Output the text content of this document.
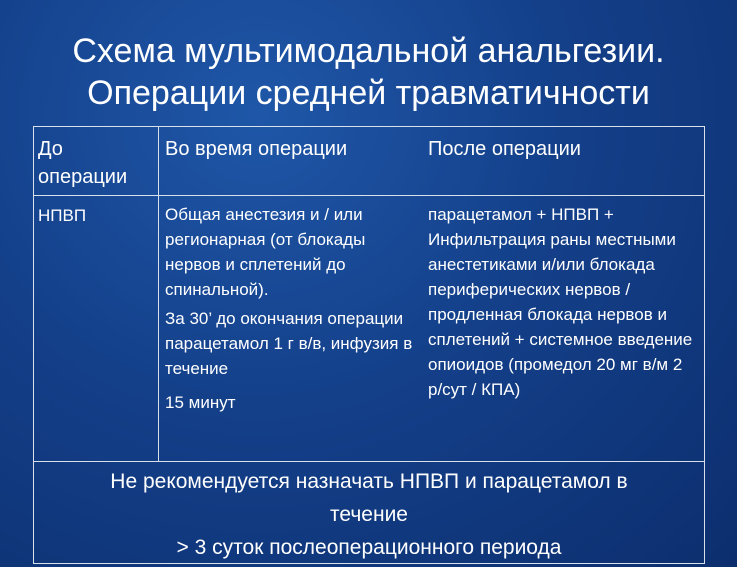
Схема мультимодальной анальгезии.
Операции средней травматичности
До операции
Во время операции	После операции
НПВП	Общая анестезия и / или регионарная (от блокады нервов и сплетений до спинальной).
За 30’ до окончания операции парацетамол 1 г в/в, инфузия в течение
15 минут
парацетамол + НПВП + Инфильтрация раны местными анестетиками и/или блокада периферических нервов / продленная блокада нервов и сплетений + системное введение опиоидов (промедол 20 мг в/м 2 р/сут / КПА)
Не рекомендуется назначать НПВП и парацетамол в
течение
> 3 суток послеоперационного периода
